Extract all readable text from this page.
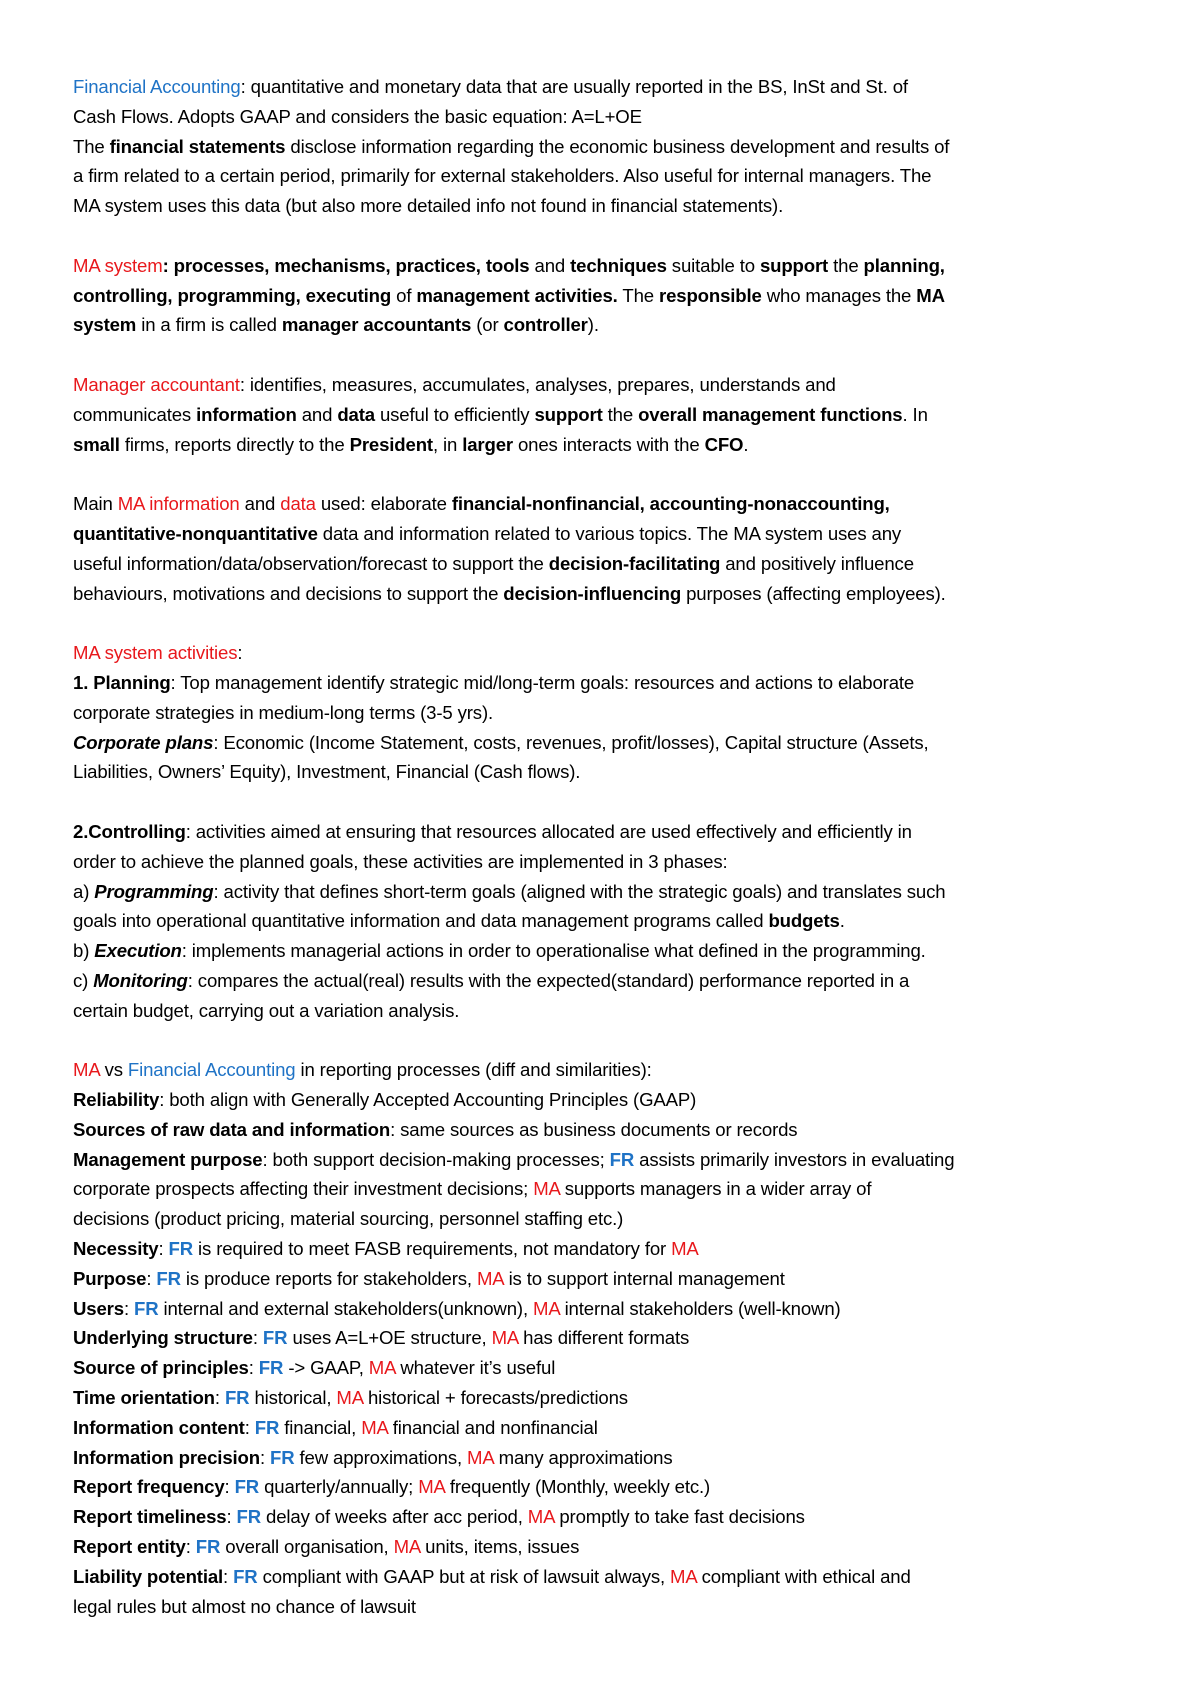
Financial Accounting: quantitative and monetary data that are usually reported in the BS, InSt and St. of
Cash Flows. Adopts GAAP and considers the basic equation: A=L+OE
The financial statements disclose information regarding the economic business development and results of
a firm related to a certain period, primarily for external stakeholders. Also useful for internal managers. The
MA system uses this data (but also more detailed info not found in financial statements).
MA system: processes, mechanisms, practices, tools and techniques suitable to support the planning,
controlling, programming, executing of management activities. The responsible who manages the MA
system in a firm is called manager accountants (or controller).
Manager accountant: identifies, measures, accumulates, analyses, prepares, understands and
communicates information and data useful to efficiently support the overall management functions. In
small firms, reports directly to the President, in larger ones interacts with the CFO.
Main MA information and data used: elaborate financial-nonfinancial, accounting-nonaccounting,
quantitative-nonquantitative data and information related to various topics. The MA system uses any
useful information/data/observation/forecast to support the decision-facilitating and positively influence
behaviours, motivations and decisions to support the decision-influencing purposes (affecting employees).
MA system activities:
1. Planning: Top management identify strategic mid/long-term goals: resources and actions to elaborate
corporate strategies in medium-long terms (3-5 yrs).
Corporate plans: Economic (Income Statement, costs, revenues, profit/losses), Capital structure (Assets,
Liabilities, Owners’ Equity), Investment, Financial (Cash flows).
2.Controlling: activities aimed at ensuring that resources allocated are used effectively and efficiently in
order to achieve the planned goals, these activities are implemented in 3 phases:
a) Programming: activity that defines short-term goals (aligned with the strategic goals) and translates such
goals into operational quantitative information and data management programs called budgets.
b) Execution: implements managerial actions in order to operationalise what defined in the programming.
c) Monitoring: compares the actual(real) results with the expected(standard) performance reported in a
certain budget, carrying out a variation analysis.
MA vs Financial Accounting in reporting processes (diff and similarities):
Reliability: both align with Generally Accepted Accounting Principles (GAAP)
Sources of raw data and information: same sources as business documents or records
Management purpose: both support decision-making processes; FR assists primarily investors in evaluating
corporate prospects affecting their investment decisions; MA supports managers in a wider array of
decisions (product pricing, material sourcing, personnel staffing etc.)
Necessity: FR is required to meet FASB requirements, not mandatory for MA
Purpose: FR is produce reports for stakeholders, MA is to support internal management
Users: FR internal and external stakeholders(unknown), MA internal stakeholders (well-known)
Underlying structure: FR uses A=L+OE structure, MA has different formats
Source of principles: FR -> GAAP, MA whatever it’s useful
Time orientation: FR historical, MA historical + forecasts/predictions
Information content: FR financial, MA financial and nonfinancial
Information precision: FR few approximations, MA many approximations
Report frequency: FR quarterly/annually; MA frequently (Monthly, weekly etc.)
Report timeliness: FR delay of weeks after acc period, MA promptly to take fast decisions
Report entity: FR overall organisation, MA units, items, issues
Liability potential: FR compliant with GAAP but at risk of lawsuit always, MA compliant with ethical and
legal rules but almost no chance of lawsuit
